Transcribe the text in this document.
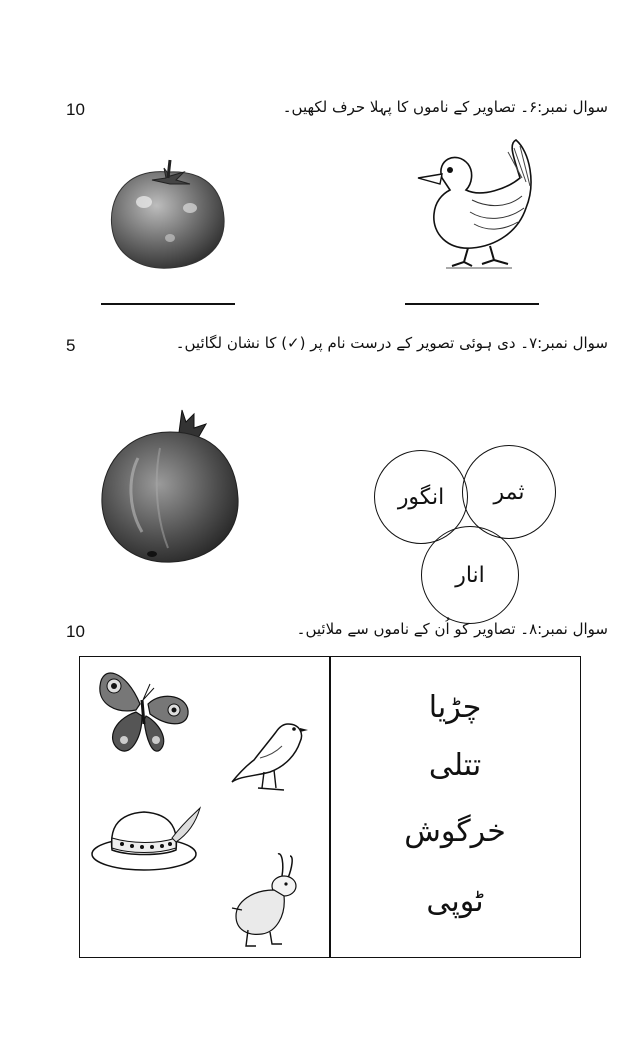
10	سوال نمبر:۶۔ تصاویر کے ناموں کا پہلا حرف لکھیں۔
5	سوال نمبر:۷۔ دی ہوئی تصویر کے درست نام پر (✓) کا نشان لگائیں۔
ثمر
انگور
انار
10	سوال نمبر:۸۔ تصاویر کو اُن کے ناموں سے ملائیں۔
چڑیا
تتلی
خرگوش
ٹوپی
